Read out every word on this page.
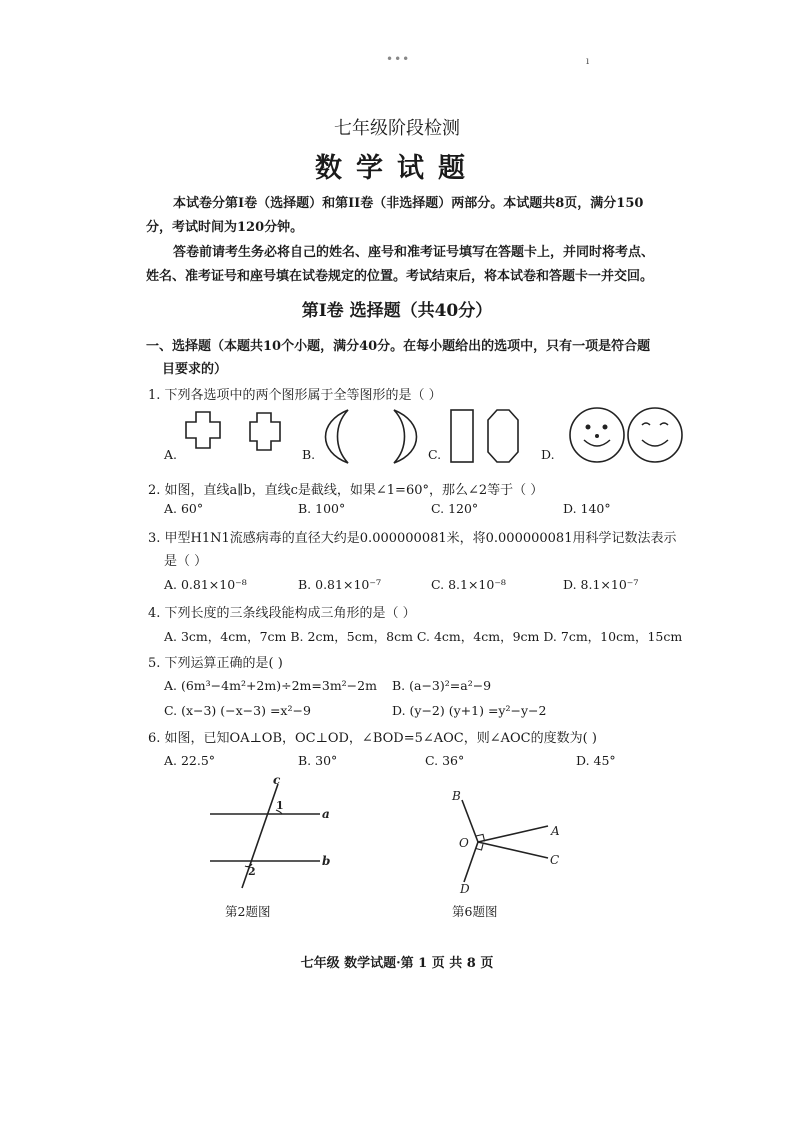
•••	ı
七年级阶段检测
数学试题
本试卷分第Ⅰ卷（选择题）和第II卷（非选择题）两部分。本试题共8页，满分150
分，考试时间为120分钟。
答卷前请考生务必将自己的姓名、座号和准考证号填写在答题卡上，并同时将考点、
姓名、准考证号和座号填在试卷规定的位置。考试结束后，将本试卷和答题卡一并交回。
第Ⅰ卷 选择题（共40分）
一、选择题（本题共10个小题，满分40分。在每小题给出的选项中，只有一项是符合题
目要求的）
1. 下列各选项中的两个图形属于全等图形的是（ ）
A.	B.	C.	D.
2. 如图，直线a∥b，直线c是截线，如果∠1=60°，那么∠2等于（ ）
A. 60°	B. 100°	C. 120°	D. 140°
3. 甲型H1N1流感病毒的直径大约是0.000000081米，将0.000000081用科学记数法表示
是（ ）
A. 0.81×10⁻⁸	B. 0.81×10⁻⁷	C. 8.1×10⁻⁸	D. 8.1×10⁻⁷
4. 下列长度的三条线段能构成三角形的是（ ）
A. 3cm，4cm，7cm B. 2cm，5cm，8cm C. 4cm，4cm，9cm D. 7cm，10cm，15cm
5. 下列运算正确的是( )
A. (6m³−4m²+2m)÷2m=3m²−2m B. (a−3)²=a²−9
C. (x−3) (−x−3) =x²−9	D. (y−2) (y+1) =y²−y−2
6. 如图，已知OA⊥OB，OC⊥OD，∠BOD=5∠AOC，则∠AOC的度数为( )
A. 22.5°	B. 30°	C. 36°	D. 45°
c
a
b
1
2
第2题图
B
A
O
C
D
第6题图
七年级 数学试题·第 1 页 共 8 页
